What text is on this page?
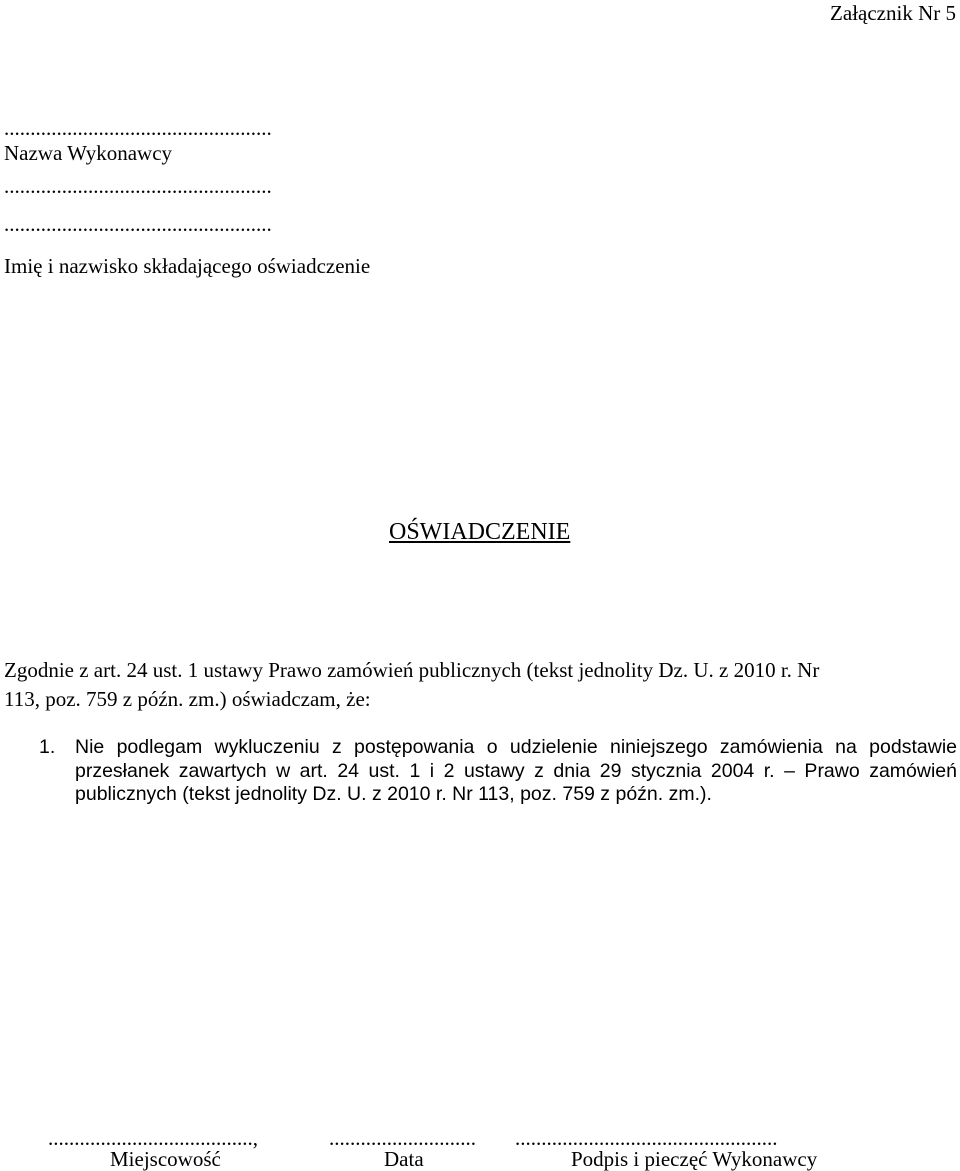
Załącznik Nr 5
...................................................
Nazwa Wykonawcy
...................................................
...................................................
Imię i nazwisko składającego oświadczenie
OŚWIADCZENIE
Zgodnie z art. 24 ust. 1 ustawy Prawo zamówień publicznych (tekst jednolity Dz. U. z 2010 r. Nr
113, poz. 759 z późn. zm.) oświadczam, że:
1. Nie podlegam wykluczeniu z postępowania o udzielenie niniejszego zamówienia na podstawie przesłanek zawartych w art. 24 ust. 1 i 2 ustawy z dnia 29 stycznia 2004 r. – Prawo zamówień publicznych (tekst jednolity Dz. U. z 2010 r. Nr 113, poz. 759 z późn. zm.).

.......................................,	............................ ..................................................
Miejscowość	Data	Podpis i pieczęć Wykonawcy
